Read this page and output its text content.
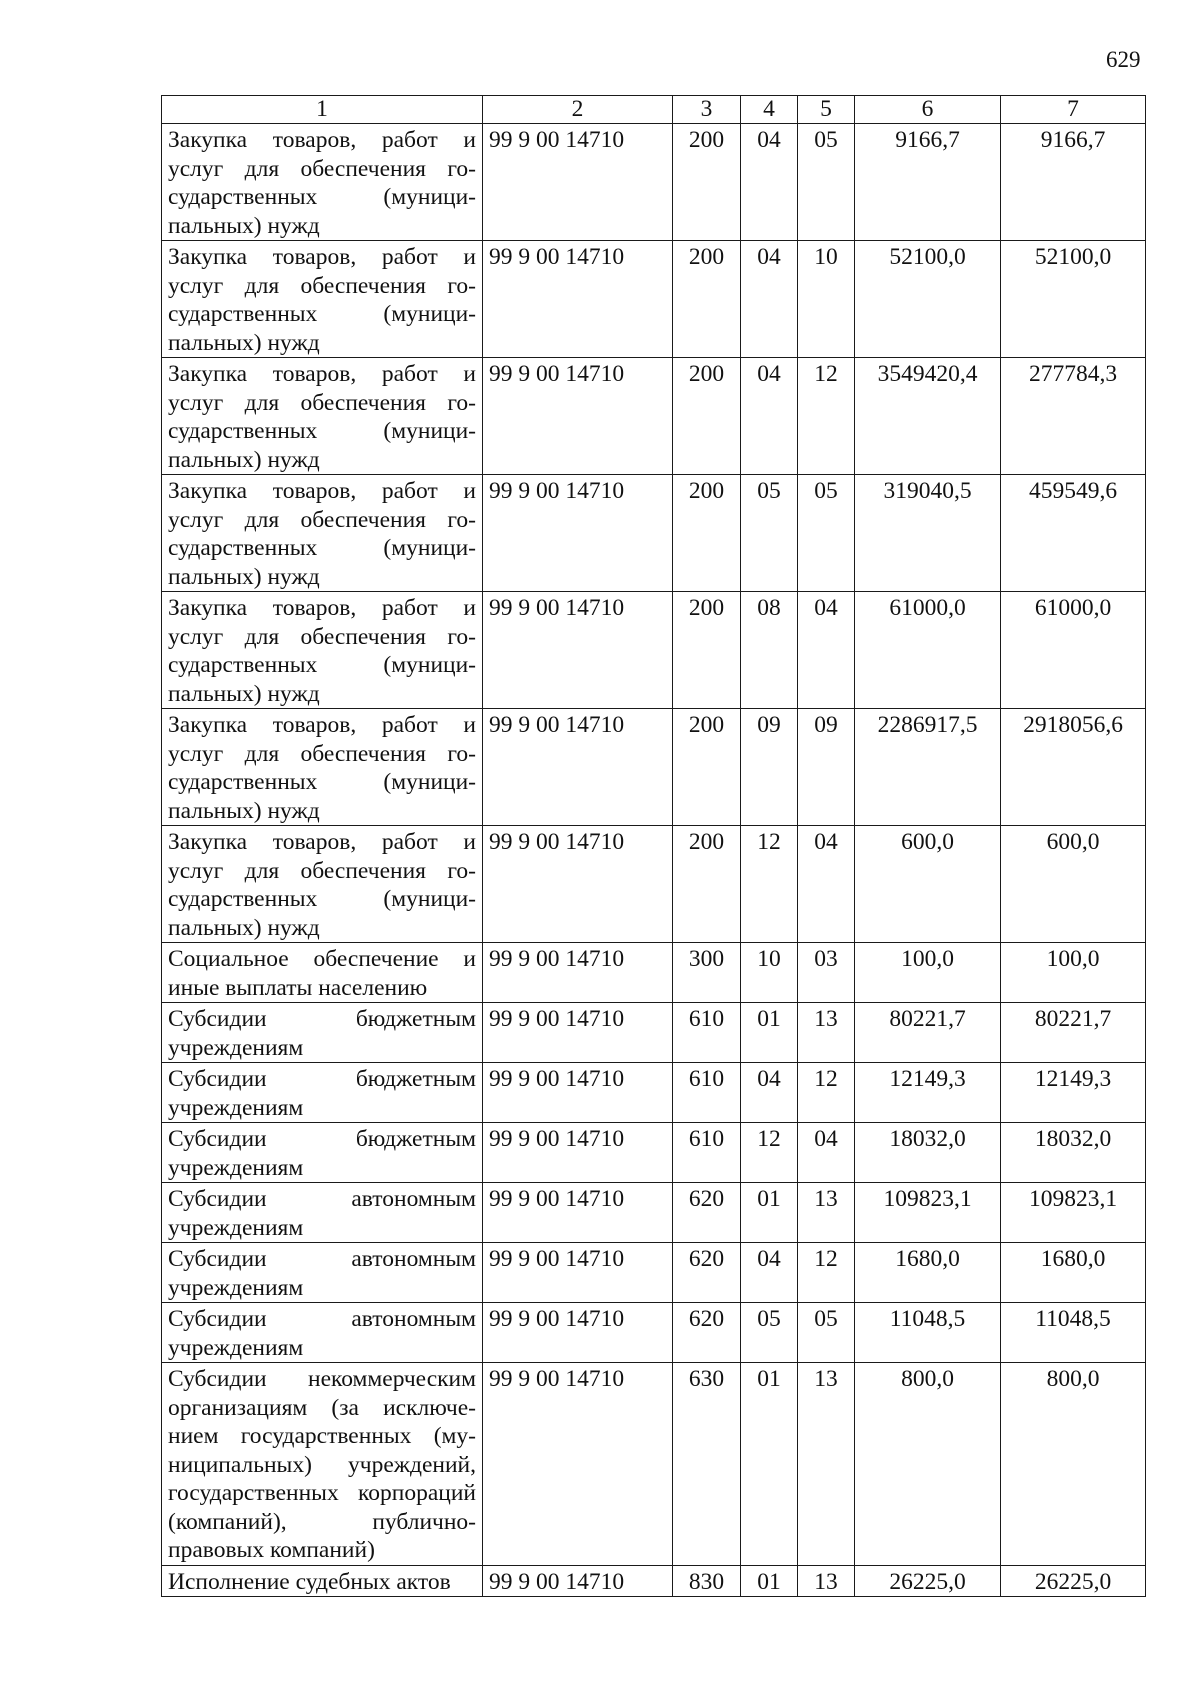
629
1	2	3	4	5	6	7
Закупка товаров, работ и услуг для обеспечения государственных (муниципальных) нужд	99 9 00 14710	200	04	05	9166,7	9166,7
Закупка товаров, работ и услуг для обеспечения государственных (муниципальных) нужд	99 9 00 14710	200	04	10	52100,0	52100,0
Закупка товаров, работ и услуг для обеспечения государственных (муниципальных) нужд	99 9 00 14710	200	04	12	3549420,4	277784,3
Закупка товаров, работ и услуг для обеспечения государственных (муниципальных) нужд	99 9 00 14710	200	05	05	319040,5	459549,6
Закупка товаров, работ и услуг для обеспечения государственных (муниципальных) нужд	99 9 00 14710	200	08	04	61000,0	61000,0
Закупка товаров, работ и услуг для обеспечения государственных (муниципальных) нужд	99 9 00 14710	200	09	09	2286917,5	2918056,6
Закупка товаров, работ и услуг для обеспечения государственных (муниципальных) нужд	99 9 00 14710	200	12	04	600,0	600,0
Социальное обеспечение и иные выплаты населению	99 9 00 14710	300	10	03	100,0	100,0
Субсидии бюджетным учреждениям	99 9 00 14710	610	01	13	80221,7	80221,7
Субсидии бюджетным учреждениям	99 9 00 14710	610	04	12	12149,3	12149,3
Субсидии бюджетным учреждениям	99 9 00 14710	610	12	04	18032,0	18032,0
Субсидии автономным учреждениям	99 9 00 14710	620	01	13	109823,1	109823,1
Субсидии автономным учреждениям	99 9 00 14710	620	04	12	1680,0	1680,0
Субсидии автономным учреждениям	99 9 00 14710	620	05	05	11048,5	11048,5
Субсидии некоммерческим организациям (за исключением государственных (муниципальных) учреждений, государственных корпораций (компаний), публично-правовых компаний)	99 9 00 14710	630	01	13	800,0	800,0
Исполнение судебных актов	99 9 00 14710	830	01	13	26225,0	26225,0
